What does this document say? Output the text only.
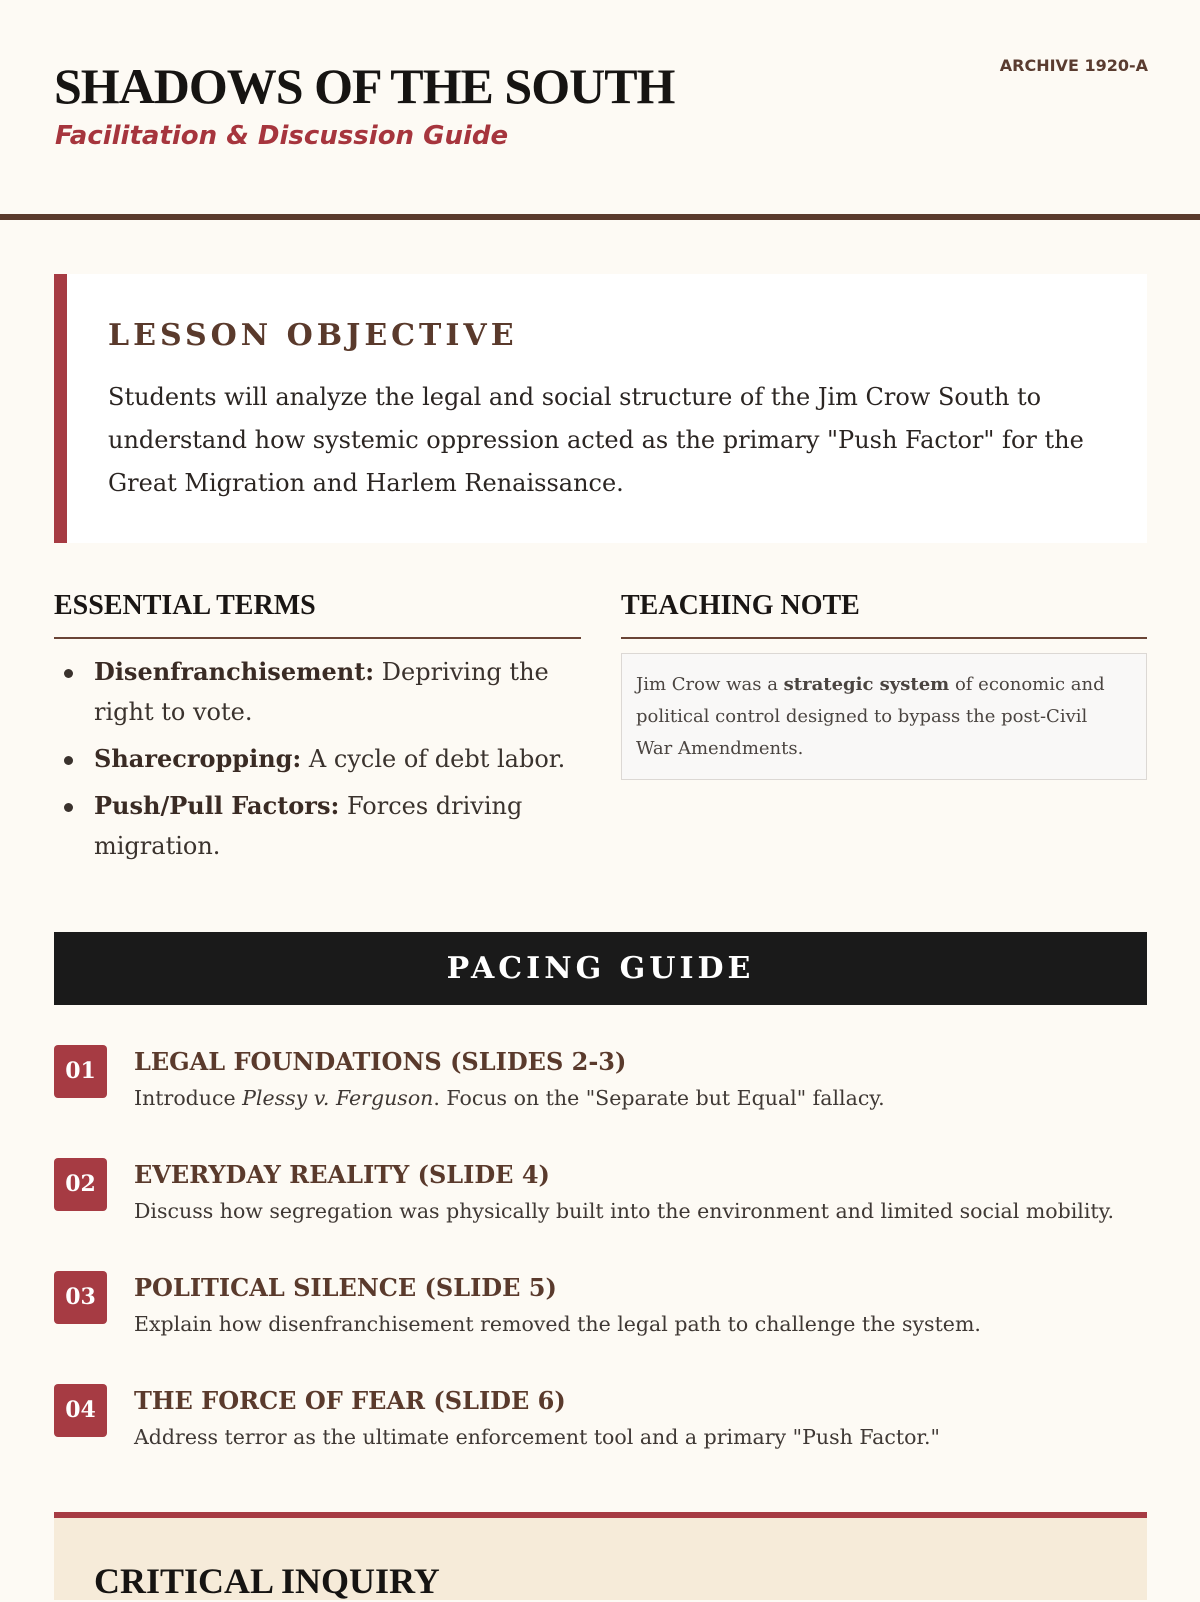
SHADOWS OF THE SOUTH
Facilitation & Discussion Guide
ARCHIVE 1920-A
LESSON OBJECTIVE

Students will analyze the legal and social structure of the Jim Crow South to understand how systemic oppression acted as the primary "Push Factor" for the Great Migration and Harlem Renaissance.

ESSENTIAL TERMS
Disenfranchisement: Depriving the right to vote.
Sharecropping: A cycle of debt labor.
Push/Pull Factors: Forces driving migration.
TEACHING NOTE

Jim Crow was a strategic system of economic and political control designed to bypass the post-Civil War Amendments.

PACING GUIDE
01	LEGAL FOUNDATIONS (SLIDES 2-3)

Introduce Plessy v. Ferguson. Focus on the "Separate but Equal" fallacy.

02	EVERYDAY REALITY (SLIDE 4)

Discuss how segregation was physically built into the environment and limited social mobility.

03	POLITICAL SILENCE (SLIDE 5)

Explain how disenfranchisement removed the legal path to challenge the system.

04	THE FORCE OF FEAR (SLIDE 6)

Address terror as the ultimate enforcement tool and a primary "Push Factor."

CRITICAL INQUIRY
